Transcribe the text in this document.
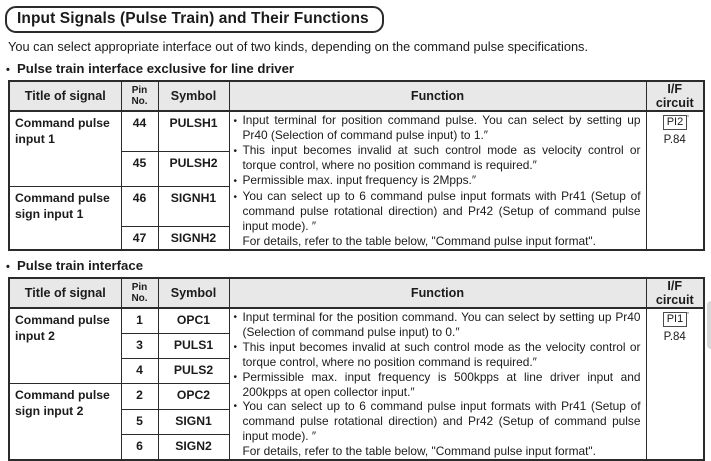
Input Signals (Pulse Train) and Their Functions
You can select appropriate interface out of two kinds, depending on the command pulse specifications.
• Pulse train interface exclusive for line driver
Title of signal	Pin No.	Symbol	Function	I/F circuit
Command pulse input 1	44	PULSH1	• Input terminal for position command pulse. You can select by setting up Pr40 (Selection of command pulse input) to 1.″
• This input becomes invalid at such control mode as velocity control or torque control, where no position command is required.″
• Permissible max. input frequency is 2Mpps.″
• You can select up to 6 command pulse input formats with Pr41 (Setup of command pulse rotational direction) and Pr42 (Setup of command pulse input mode). ″
For details, refer to the table below, "Command pulse input format".
	PI2 '
P.84

	45	PULSH2		
Command pulse sign input 1	46	SIGNH1		
	47	SIGNH2		
• Pulse train interface
Title of signal	Pin No.	Symbol	Function	I/F circuit
Command pulse input 2	1	OPC1	• Input terminal for the position command. You can select by setting up Pr40 (Selection of command pulse input) to 0.″
• This input becomes invalid at such control mode as the velocity control or torque control, where no position command is required.″
• Permissible max. input frequency is 500kpps at line driver input and 200kpps at open collector input.″
• You can select up to 6 command pulse input formats with Pr41 (Setup of command pulse rotational direction) and Pr42 (Setup of command pulse input mode). ″
For details, refer to the table below, "Command pulse input format".
	PI1 '
P.84

	3	PULS1		
	4	PULS2		
Command pulse sign input 2	2	OPC2		
	5	SIGN1		
	6	SIGN2		
